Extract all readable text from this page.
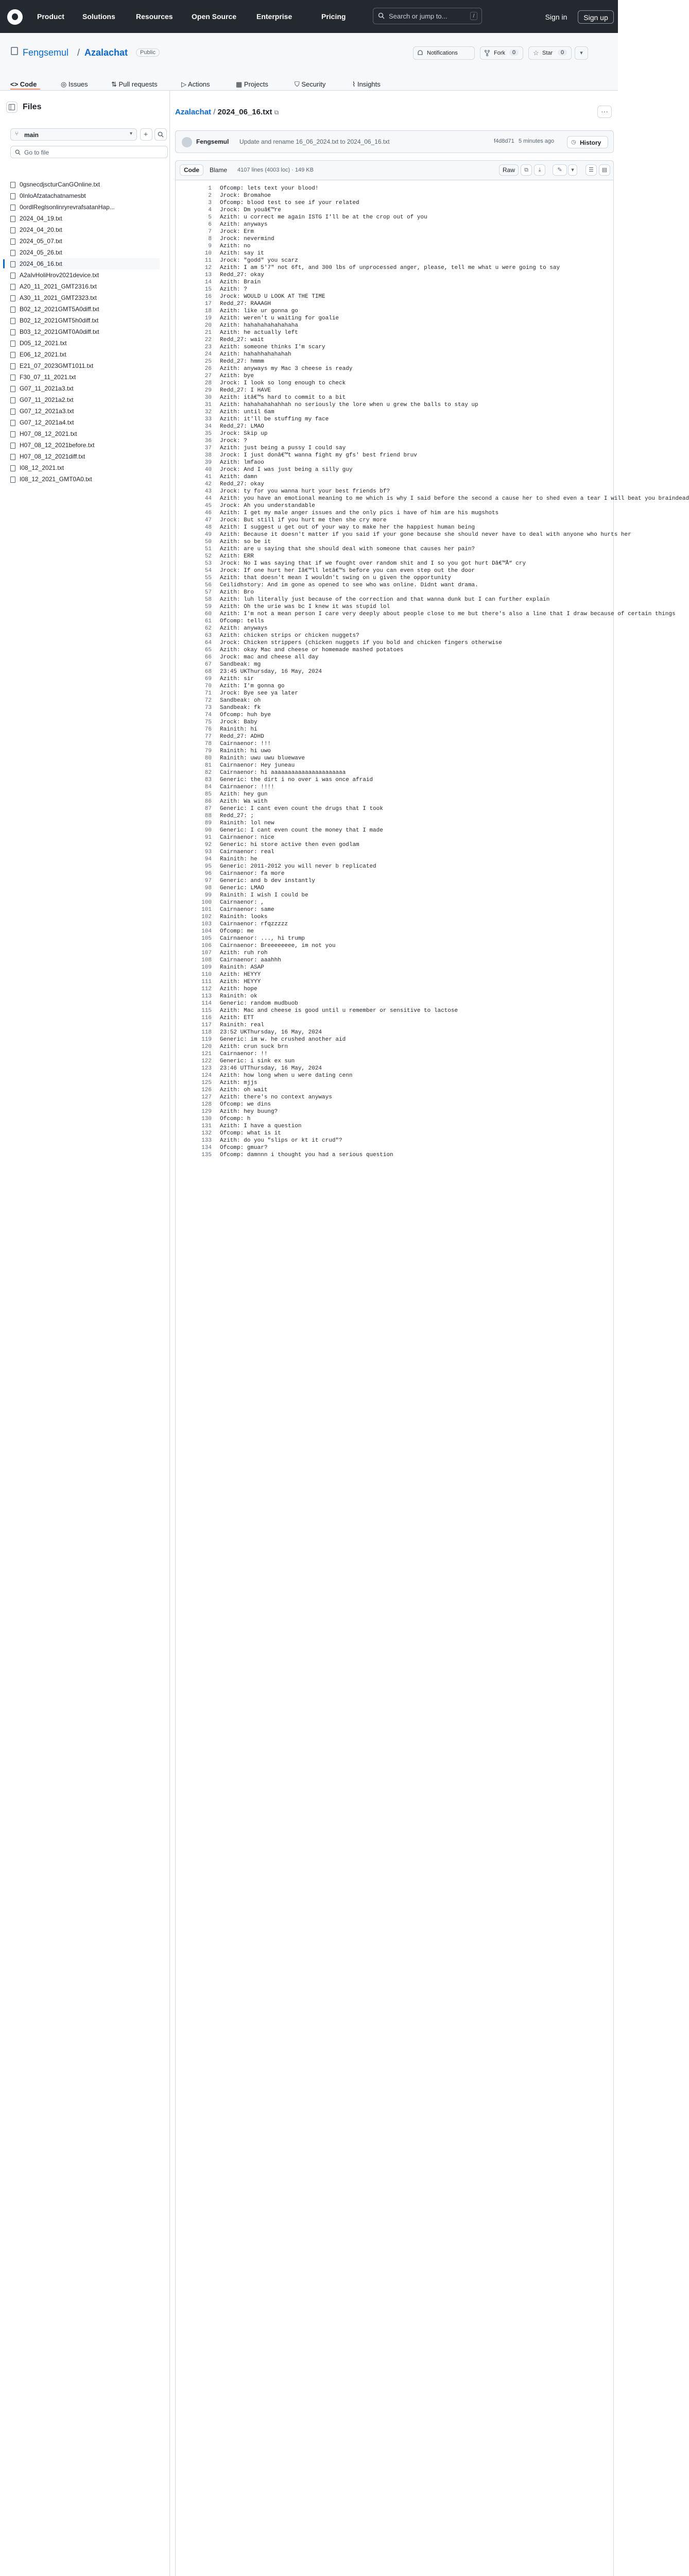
Product	Solutions	Resources	Open Source	Enterprise	Pricing	Search or jump to...	/	Sign in	Sign up
Fengsemul / Azalachat	Public	Notifications	Fork	0	☆ Star	0	▾
<> Code	◎ Issues	⇅ Pull requests	▷ Actions	▦ Projects	⛉ Security	⌇ Insights
Files
⑂ main	▾ +
Go to file
0gsnecdjscturCanGOnline.txt
0InloAfzatachatnamesbt
0ordlReglsonlinryrevrafsatanHap...
2024_04_19.txt
2024_04_20.txt
2024_05_07.txt
2024_05_26.txt
2024_06_16.txt
A2aIvHoliHrov2021device.txt
A20_11_2021_GMT2316.txt
A30_11_2021_GMT2323.txt
B02_12_2021GMT5A0diff.txt
B02_12_2021GMT5h0diff.txt
B03_12_2021GMT0A0diff.txt
D05_12_2021.txt
E06_12_2021.txt
E21_07_2023GMT1011.txt
F30_07_11_2021.txt
G07_11_2021a3.txt
G07_11_2021a2.txt
G07_12_2021a3.txt
G07_12_2021a4.txt
H07_08_12_2021.txt
H07_08_12_2021before.txt
H07_08_12_2021diff.txt
I08_12_2021.txt
I08_12_2021_GMT0A0.txt
Azalachat / 2024_06_16.txt ⧉	···
Fengsemul Update and rename 16_06_2024.txt to 2024_06_16.txt	f4d8d71 5 minutes ago	◷ History
Code	Blame	4107 lines (4003 loc) · 149 KB	Raw	⧉	⤓	✎	▾	☰	▤
1 Ofcomp: lets text your blood!
2 Jrock: Bromahoe
3 Ofcomp: blood test to see if your related
4 Jrock: Dm youâ€™re
5 Azith: u correct me again ISTG I'll be at the crop out of you
6 Azith: anyways
7 Jrock: Erm
8 Jrock: nevermind
9 Azith: no
10 Azith: say it
11 Jrock: "godd" you scarz
12 Azith: I am 5'7" not 6ft, and 300 lbs of unprocessed anger, please, tell me what u were going to say
13 Redd_27: okay
14 Azith: Brain
15 Azith: ?
16 Jrock: WOULD U LOOK AT THE TIME
17 Redd_27: RAAAGH
18 Azith: like ur gonna go
19 Azith: weren't u waiting for goalie
20 Azith: hahahahahahahaha
21 Azith: he actually left
22 Redd_27: wait
23 Azith: someone thinks I'm scary
24 Azith: hahahhahahahah
25 Redd_27: hmmm
26 Azith: anyways my Mac 3 cheese is ready
27 Azith: bye
28 Jrock: I look so long enough to check
29 Redd_27: I HAVE
30 Azith: itâ€™s hard to commit to a bit
31 Azith: hahahahahahhah no seriously the lore when u grew the balls to stay up
32 Azith: until 6am
33 Azith: it'll be stuffing my face
34 Redd_27: LMAO
35 Jrock: Skip up
36 Jrock: ?
37 Azith: just being a pussy I could say
38 Jrock: I just donâ€™t wanna fight my gfs' best friend bruv
39 Azith: lmfaoo
40 Jrock: And I was just being a silly guy
41 Azith: damn
42 Redd_27: okay
43 Jrock: ty for you wanna hurt your best friends bf?
44 Azith: you have an emotional meaning to me which is why I said before the second a cause her to shed even a tear I will beat you braindead
45 Jrock: Ah you understandable
46 Azith: I get my male anger issues and the only pics i have of him are his mugshots
47 Jrock: But still if you hurt me then she cry more
48 Azith: I suggest u get out of your way to make her the happiest human being
49 Azith: Because it doesn't matter if you said if your gone because she should never have to deal with anyone who hurts her
50 Azith: so be it
51 Azith: are u saying that she should deal with someone that causes her pain?
52 Azith: ERR
53 Jrock: No I was saying that if we fought over random shit and I so you got hurt Dâ€™Å“ cry
54 Jrock: If one hurt her Iâ€™ll letâ€™s before you can even step out the door
55 Azith: that doesn't mean I wouldn't swing on u given the opportunity
56 Ceilidhstory: And im gone as opened to see who was online. Didnt want drama.
57 Azith: Bro
58 Azith: luh literally just because of the correction and that wanna dunk but I can further explain
59 Azith: Oh the urie was bc I knew it was stupid lol
60 Azith: I'm not a mean person I care very deeply about people close to me but there's also a line that I draw because of certain things
61 Ofcomp: tells
62 Azith: anyways
63 Azith: chicken strips or chicken nuggets?
64 Jrock: Chicken strippers (chicken nuggets if you bold and chicken fingers otherwise
65 Azith: okay Mac and cheese or homemade mashed potatoes
66 Jrock: mac and cheese all day
67 Sandbeak: mg
68 23:45 UKThursday, 16 May, 2024
69 Azith: sir
70 Azith: I'm gonna go
71 Jrock: Bye see ya later
72 Sandbeak: oh
73 Sandbeak: fk
74 Ofcomp: huh bye
75 Jrock: Baby
76 Rainith: hi
77 Redd_27: ADHD
78 Cairnaenor: !!!
79 Rainith: hi uwo
80 Rainith: uwu uwu bluewave
81 Cairnaenor: Hey juneau
82 Cairnaenor: hi aaaaaaaaaaaaaaaaaaaaaa
83 Generic: the dirt i no over i was once afraid
84 Cairnaenor: !!!!
85 Azith: hey gun
86 Azith: Wa with
87 Generic: I cant even count the drugs that I took
88 Redd_27: ;
89 Rainith: lol new
90 Generic: I cant even count the money that I made
91 Cairnaenor: nice
92 Generic: hi store active then even godlam
93 Cairnaenor: real
94 Rainith: he
95 Generic: 2011-2012 you will never b replicated
96 Cairnaenor: fa more
97 Generic: and b dev instantly
98 Generic: LMAO
99 Rainith: I wish I could be
100 Cairnaenor: ,
101 Cairnaenor: same
102 Rainith: looks
103 Cairnaenor: rfqzzzzz
104 Ofcomp: me
105 Cairnaenor: ..., hi trump
106 Cairnaenor: Breeeeeeee, im not you
107 Azith: ruh roh
108 Cairnaenor: aaahhh
109 Rainith: ASAP
110 Azith: HEYYY
111 Azith: HEYYY
112 Azith: hope
113 Rainith: ok
114 Generic: random mudbuob
115 Azith: Mac and cheese is good until u remember or sensitive to lactose
116 Azith: ETT
117 Rainith: real
118 23:52 UKThursday, 16 May, 2024
119 Generic: im w. he crushed another aid
120 Azith: crun suck brn
121 Cairnaenor: !!
122 Generic: i sink ex sun
123 23:46 UTThursday, 16 May, 2024
124 Azith: how long when u were dating cenn
125 Azith: mjjs
126 Azith: oh wait
127 Azith: there's no context anyways
128 Ofcomp: we dins
129 Azith: hey buung?
130 Ofcomp: h
131 Azith: I have a question
132 Ofcomp: what is it
133 Azith: do you "slips or kt it crud"?
134 Ofcomp: gmuar?
135 Ofcomp: damnnn i thought you had a serious question
